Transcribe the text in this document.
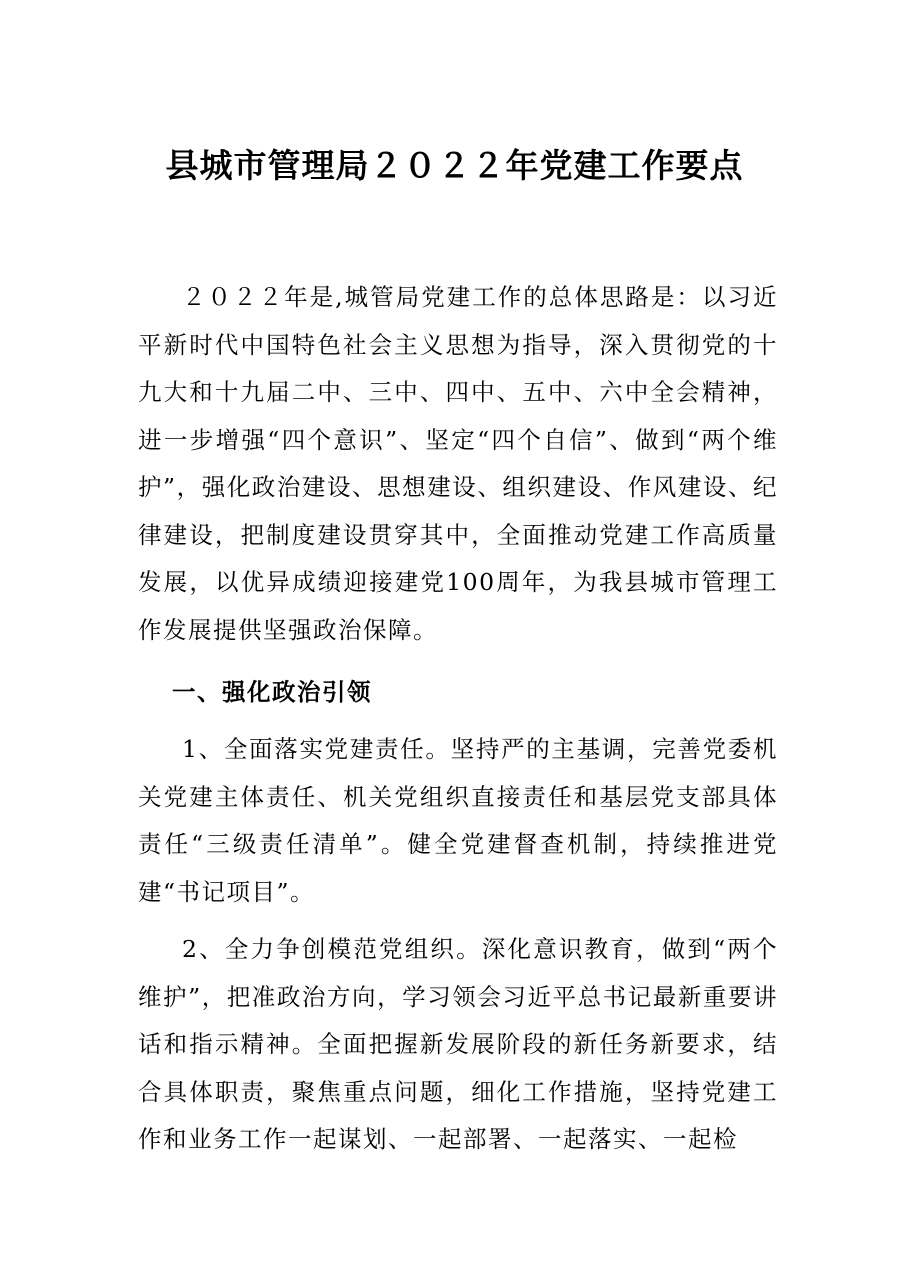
县城市管理局２０２２年党建工作要点
２０２２年是,城管局党建工作的总体思路是：以习近平新时代中国特色社会主义思想为指导，深入贯彻党的十九大和十九届二中、三中、四中、五中、六中全会精神，进一步增强“四个意识”、坚定“四个自信”、做到“两个维护”，强化政治建设、思想建设、组织建设、作风建设、纪律建设，把制度建设贯穿其中，全面推动党建工作高质量发展，以优异成绩迎接建党100周年，为我县城市管理工作发展提供坚强政治保障。
一、强化政治引领
1、全面落实党建责任。坚持严的主基调，完善党委机关党建主体责任、机关党组织直接责任和基层党支部具体责任“三级责任清单”。健全党建督查机制，持续推进党建“书记项目”。
2、全力争创模范党组织。深化意识教育，做到“两个维护”，把准政治方向，学习领会习近平总书记最新重要讲话和指示精神。全面把握新发展阶段的新任务新要求，结合具体职责，聚焦重点问题，细化工作措施，坚持党建工作和业务工作一起谋划、一起部署、一起落实、一起检
